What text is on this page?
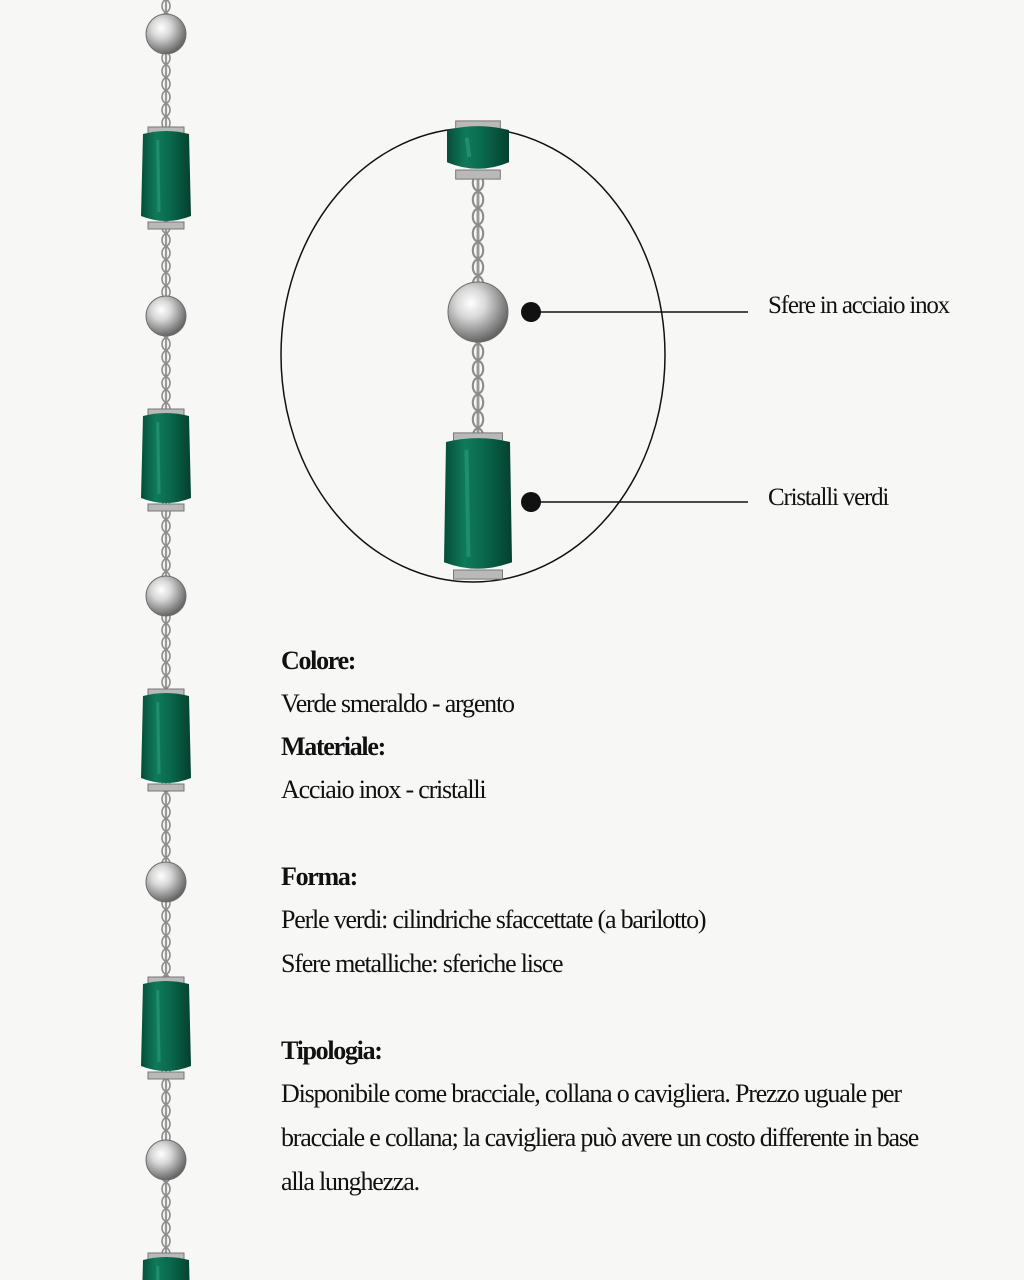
Sfere in acciaio inox
Cristalli verdi
Colore:
Verde smeraldo - argento
Materiale:
Acciaio inox - cristalli
Forma:
Perle verdi: cilindriche sfaccettate (a barilotto)
Sfere metalliche: sferiche lisce
Tipologia:
Disponibile come bracciale, collana o cavigliera. Prezzo uguale per
bracciale e collana; la cavigliera può avere un costo differente in base
alla lunghezza.
